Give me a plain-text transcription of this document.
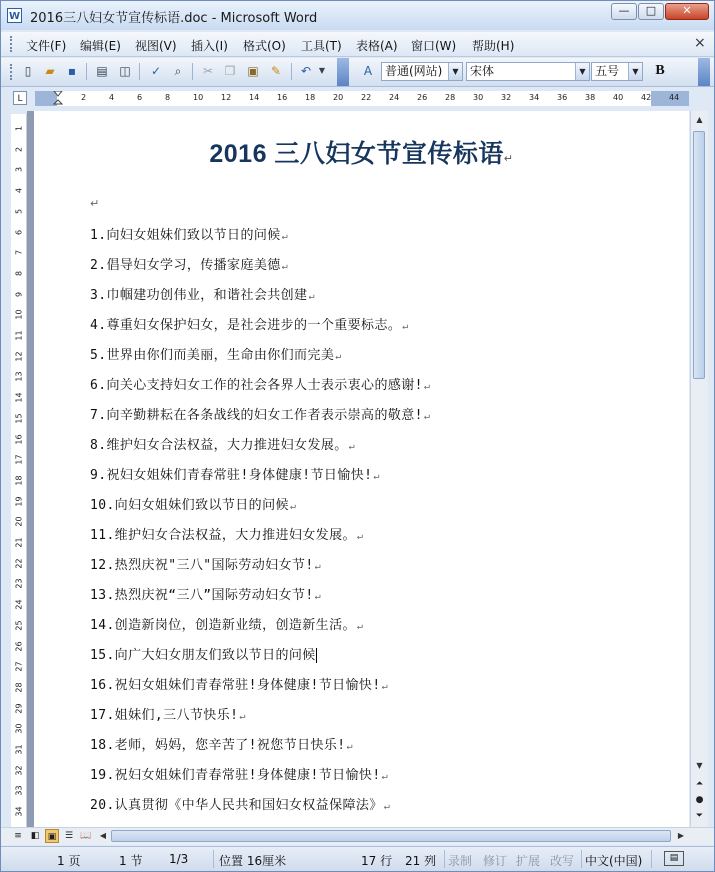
W 2016三八妇女节宣传标语.doc - Microsoft Word
—	□	✕
文件(F) 编辑(E) 视图(V) 插入(I) 格式(O) 工具(T) 表格(A) 窗口(W) 帮助(H)	×
▯	▰	▪	▤ ◫	✓	⌕	✂ ❐ ▣	✎	↶ ▼	A	普通(网站)	▼ 宋体	▼ 五号	▼	B
L	2	4	6	8	10 12 14 16 18 20 22 24 26 28 30 32 34 36 38 40 42 44
1
2
3
4
5
6
7
8
9
10
11
12
13
14
15
16
17
18
19
20
21
22
23
24
25
26
27
28
29
30
31
32
33
34
2016 三八妇女节宣传标语↵
↵
1.向妇女姐妹们致以节日的问候↵
2.倡导妇女学习，传播家庭美德↵
3.巾帼建功创伟业，和谐社会共创建↵
4.尊重妇女保护妇女，是社会进步的一个重要标志。↵
5.世界由你们而美丽，生命由你们而完美↵
6.向关心支持妇女工作的社会各界人士表示衷心的感谢!↵
7.向辛勤耕耘在各条战线的妇女工作者表示崇高的敬意!↵
8.维护妇女合法权益，大力推进妇女发展。↵
9.祝妇女姐妹们青春常驻!身体健康!节日愉快!↵
10.向妇女姐妹们致以节日的问候↵
11.维护妇女合法权益，大力推进妇女发展。↵
12.热烈庆祝"三八"国际劳动妇女节!↵
13.热烈庆祝“三八”国际劳动妇女节!↵
14.创造新岗位，创造新业绩，创造新生活。↵
15.向广大妇女朋友们致以节日的问候
16.祝妇女姐妹们青春常驻!身体健康!节日愉快!↵
17.姐妹们,三八节快乐!↵
18.老师，妈妈，您辛苦了!祝您节日快乐!↵
19.祝妇女姐妹们青春常驻!身体健康!节日愉快!↵
20.认真贯彻《中华人民共和国妇女权益保障法》↵
▲
▼
⏶
●
⏷
≡ ◧ ▣ ☰ 📖	◀	▶
1 页	1 节 1/3	位置 16厘米	17 行 21 列 录制 修订 扩展 改写 中文(中国)	▤
